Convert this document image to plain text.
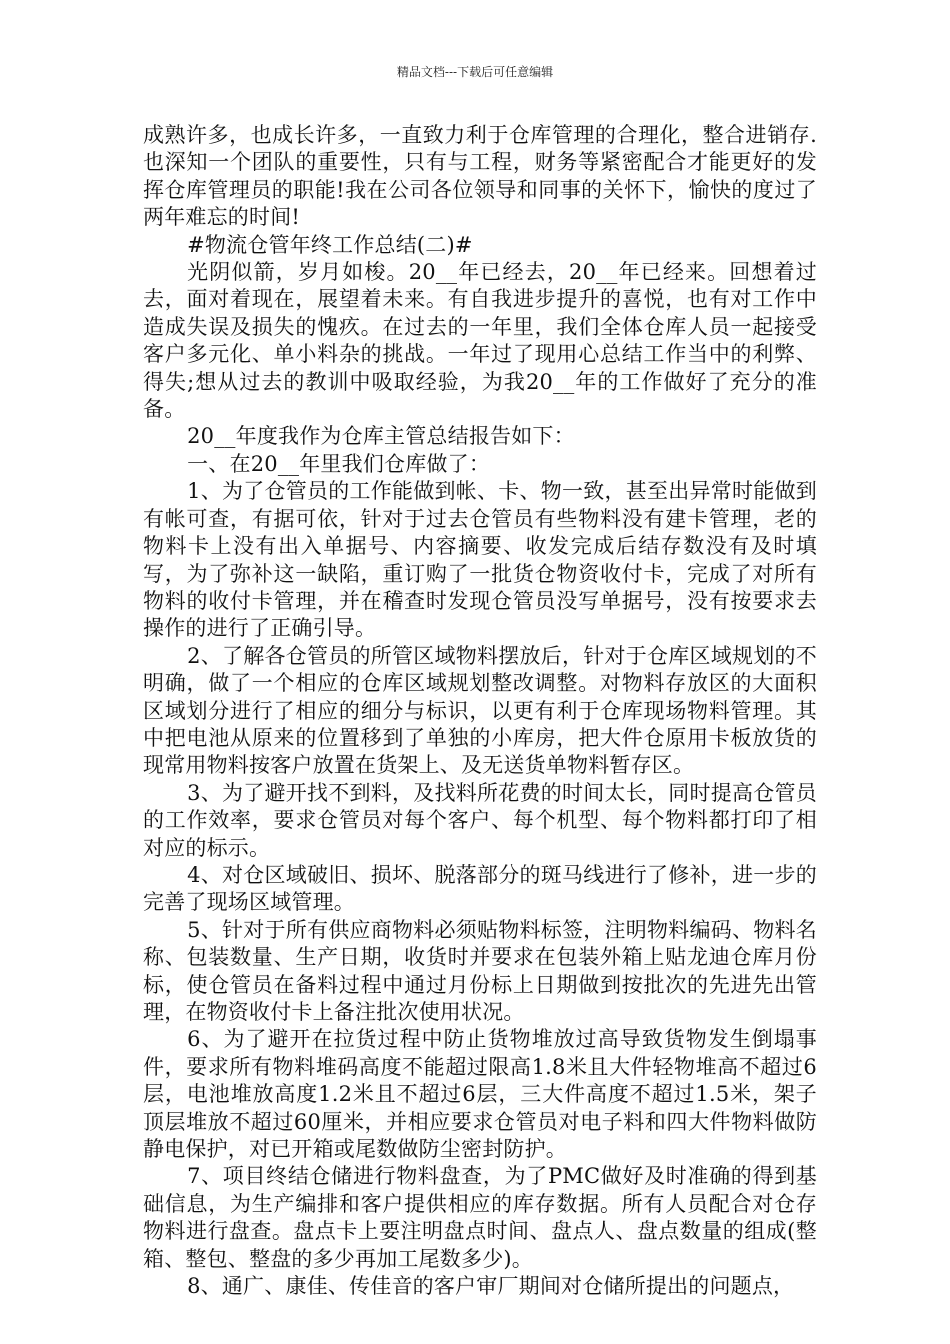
精品文档---下载后可任意编辑

成熟许多，也成长许多，一直致力利于仓库管理的合理化，整合进销存.也深知一个团队的重要性，只有与工程，财务等紧密配合才能更好的发挥仓库管理员的职能!我在公司各位领导和同事的关怀下，愉快的度过了两年难忘的时间!

#物流仓管年终工作总结(二)#

光阴似箭，岁月如梭。20__年已经去，20__年已经来。回想着过去，面对着现在，展望着未来。有自我进步提升的喜悦，也有对工作中造成失误及损失的愧疚。在过去的一年里，我们全体仓库人员一起接受客户多元化、单小料杂的挑战。一年过了现用心总结工作当中的利弊、得失;想从过去的教训中吸取经验，为我20__年的工作做好了充分的准备。

20__年度我作为仓库主管总结报告如下：

一、在20__年里我们仓库做了：

1、为了仓管员的工作能做到帐、卡、物一致，甚至出异常时能做到有帐可查，有据可依，针对于过去仓管员有些物料没有建卡管理，老的物料卡上没有出入单据号、内容摘要、收发完成后结存数没有及时填写，为了弥补这一缺陷，重订购了一批货仓物资收付卡，完成了对所有物料的收付卡管理，并在稽查时发现仓管员没写单据号，没有按要求去操作的进行了正确引导。

2、了解各仓管员的所管区域物料摆放后，针对于仓库区域规划的不明确，做了一个相应的仓库区域规划整改调整。对物料存放区的大面积区域划分进行了相应的细分与标识，以更有利于仓库现场物料管理。其中把电池从原来的位置移到了单独的小库房，把大件仓原用卡板放货的现常用物料按客户放置在货架上、及无送货单物料暂存区。

3、为了避开找不到料，及找料所花费的时间太长，同时提高仓管员的工作效率，要求仓管员对每个客户、每个机型、每个物料都打印了相对应的标示。

4、对仓区域破旧、损坏、脱落部分的斑马线进行了修补，进一步的完善了现场区域管理。

5、针对于所有供应商物料必须贴物料标签，注明物料编码、物料名称、包装数量、生产日期，收货时并要求在包装外箱上贴龙迪仓库月份标，使仓管员在备料过程中通过月份标上日期做到按批次的先进先出管理，在物资收付卡上备注批次使用状况。

6、为了避开在拉货过程中防止货物堆放过高导致货物发生倒塌事件，要求所有物料堆码高度不能超过限高1.8米且大件轻物堆高不超过6层，电池堆放高度1.2米且不超过6层，三大件高度不超过1.5米，架子顶层堆放不超过60厘米，并相应要求仓管员对电子料和四大件物料做防静电保护，对已开箱或尾数做防尘密封防护。

7、项目终结仓储进行物料盘查，为了PMC做好及时准确的得到基础信息，为生产编排和客户提供相应的库存数据。所有人员配合对仓存物料进行盘查。盘点卡上要注明盘点时间、盘点人、盘点数量的组成(整箱、整包、整盘的多少再加工尾数多少)。

8、通广、康佳、传佳音的客户审厂期间对仓储所提出的问题点，
